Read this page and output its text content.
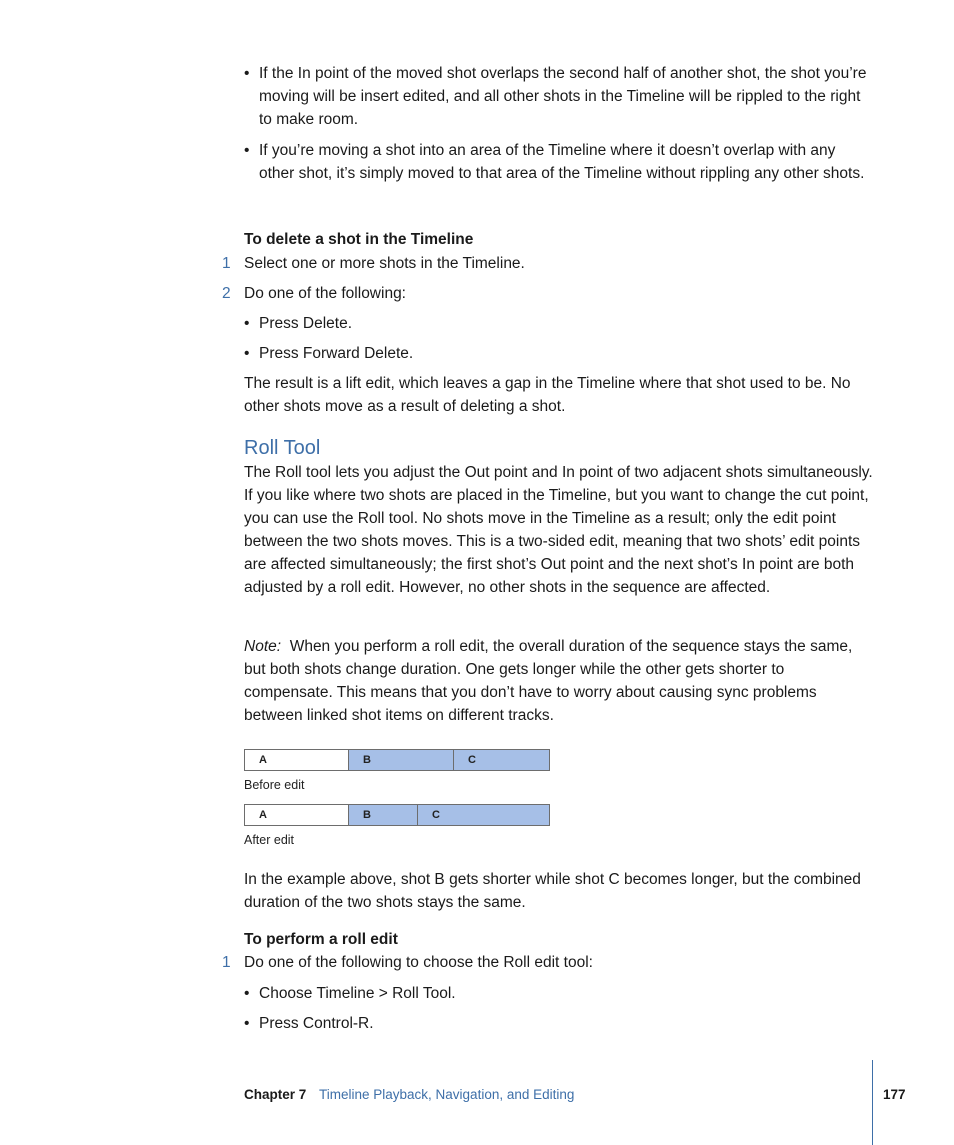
• If the In point of the moved shot overlaps the second half of another shot, the shot you’re moving will be insert edited, and all other shots in the Timeline will be rippled to the right to make room.
• If you’re moving a shot into an area of the Timeline where it doesn’t overlap with any other shot, it’s simply moved to that area of the Timeline without rippling any other shots.
To delete a shot in the Timeline
1 Select one or more shots in the Timeline.
2 Do one of the following:
• Press Delete.
• Press Forward Delete.
The result is a lift edit, which leaves a gap in the Timeline where that shot used to be. No other shots move as a result of deleting a shot.
Roll Tool
The Roll tool lets you adjust the Out point and In point of two adjacent shots simultaneously. If you like where two shots are placed in the Timeline, but you want to change the cut point, you can use the Roll tool. No shots move in the Timeline as a result; only the edit point between the two shots moves. This is a two-sided edit, meaning that two shots’ edit points are affected simultaneously; the first shot’s Out point and the next shot’s In point are both adjusted by a roll edit. However, no other shots in the sequence are affected.
Note: When you perform a roll edit, the overall duration of the sequence stays the same, but both shots change duration. One gets longer while the other gets shorter to compensate. This means that you don’t have to worry about causing sync problems between linked shot items on different tracks.
A	B	C
Before edit
A	B	C
After edit
In the example above, shot B gets shorter while shot C becomes longer, but the combined duration of the two shots stays the same.
To perform a roll edit
1 Do one of the following to choose the Roll edit tool:
• Choose Timeline > Roll Tool.
• Press Control-R.
Chapter 7 Timeline Playback, Navigation, and Editing	177
